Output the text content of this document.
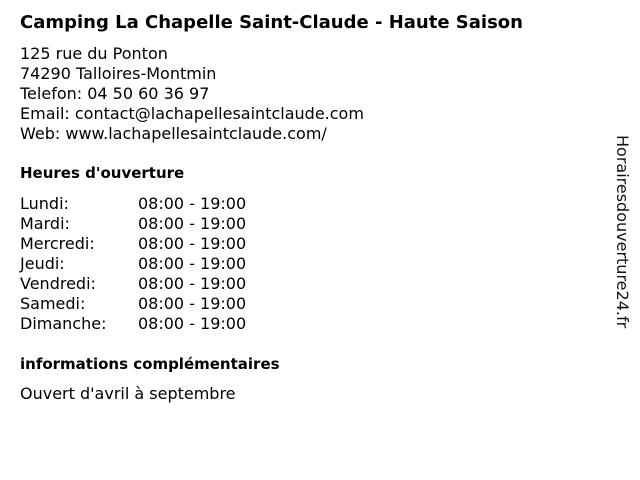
Camping La Chapelle Saint-Claude - Haute Saison
125 rue du Ponton
74290 Talloires-Montmin
Telefon: 04 50 60 36 97
Email: contact@lachapellesaintclaude.com
Web: www.lachapellesaintclaude.com/
Heures d'ouverture
Lundi:	08:00 - 19:00
Mardi:	08:00 - 19:00
Mercredi:	08:00 - 19:00
Jeudi:	08:00 - 19:00
Vendredi:	08:00 - 19:00
Samedi:	08:00 - 19:00
Dimanche: 08:00 - 19:00
informations complémentaires
Ouvert d'avril à septembre
Horairesdouverture24.fr
